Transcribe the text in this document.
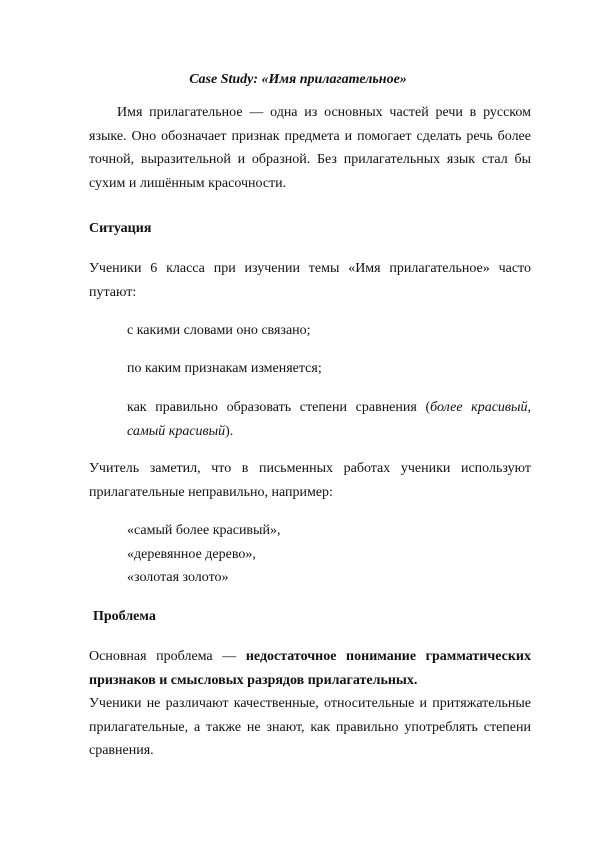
Case Study: «Имя прилагательное»
Имя прилагательное — одна из основных частей речи в русском
языке. Оно обозначает признак предмета и помогает сделать речь более
точной, выразительной и образной. Без прилагательных язык стал бы
сухим и лишённым красочности.
Ситуация
Ученики 6 класса при изучении темы «Имя прилагательное» часто
путают:
с какими словами оно связано;
по каким признакам изменяется;
как правильно образовать степени сравнения (более красивый,
самый красивый).
Учитель заметил, что в письменных работах ученики используют
прилагательные неправильно, например:
«самый более красивый»,
«деревянное дерево»,
«золотая золото»
Проблема
Основная проблема — недостаточное понимание грамматических
признаков и смысловых разрядов прилагательных.
Ученики не различают качественные, относительные и притяжательные
прилагательные, а также не знают, как правильно употреблять степени
сравнения.
